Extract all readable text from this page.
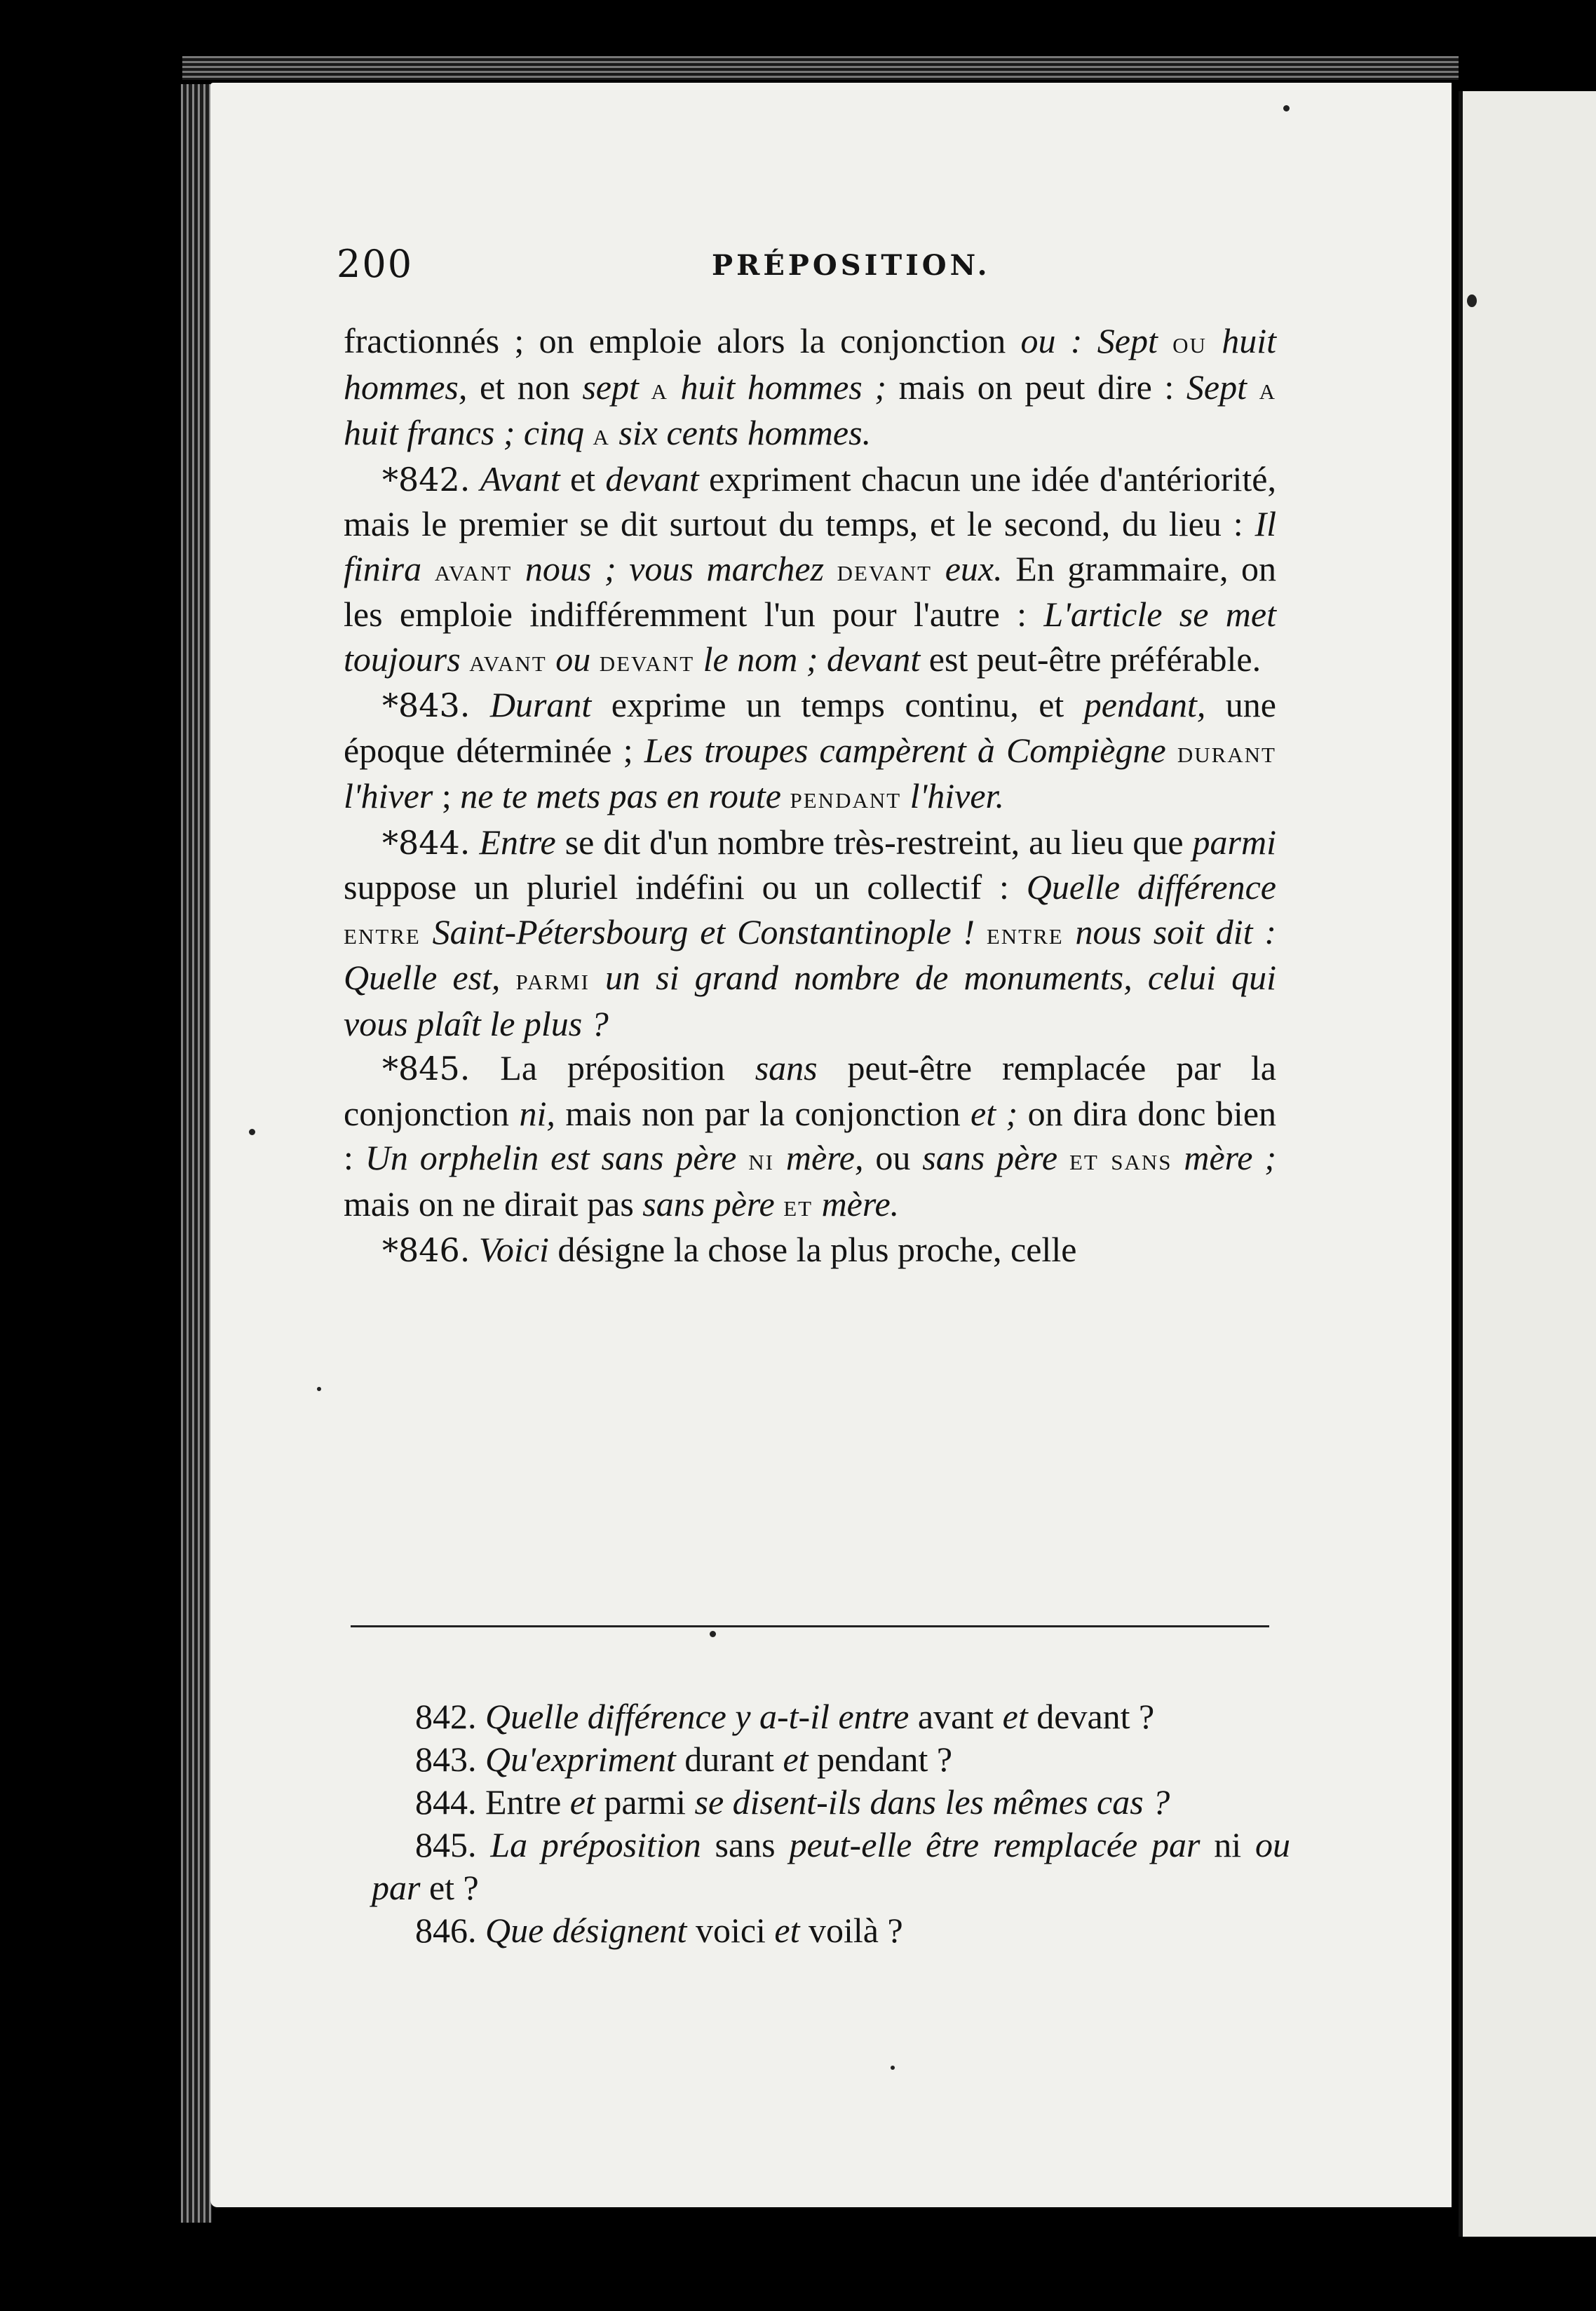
200	PRÉPOSITION.

fractionnés ; on emploie alors la conjonction ou : Sept ou huit hommes, et non sept a huit hommes ; mais on peut dire : Sept a huit francs ; cinq a six cents hommes.

*842. Avant et devant expriment chacun une idée d'antériorité, mais le premier se dit surtout du temps, et le second, du lieu : Il finira avant nous ; vous marchez devant eux. En grammaire, on les emploie indifféremment l'un pour l'autre : L'article se met toujours avant ou devant le nom ; devant est peut-être préférable.

*843. Durant exprime un temps continu, et pendant, une époque déterminée ; Les troupes campèrent à Compiègne durant l'hiver ; ne te mets pas en route pendant l'hiver.

*844. Entre se dit d'un nombre très-restreint, au lieu que parmi suppose un pluriel indéfini ou un collectif : Quelle différence entre Saint-Pétersbourg et Constantinople ! entre nous soit dit : Quelle est, parmi un si grand nombre de monuments, celui qui vous plaît le plus ?

*845. La préposition sans peut-être remplacée par la conjonction ni, mais non par la conjonction et ; on dira donc bien : Un orphelin est sans père ni mère, ou sans père et sans mère ; mais on ne dirait pas sans père et mère.

*846. Voici désigne la chose la plus proche, celle

842. Quelle différence y a-t-il entre avant et devant ?

843. Qu'expriment durant et pendant ?

844. Entre et parmi se disent-ils dans les mêmes cas ?

845. La préposition sans peut-elle être remplacée par ni ou par et ?

846. Que désignent voici et voilà ?
